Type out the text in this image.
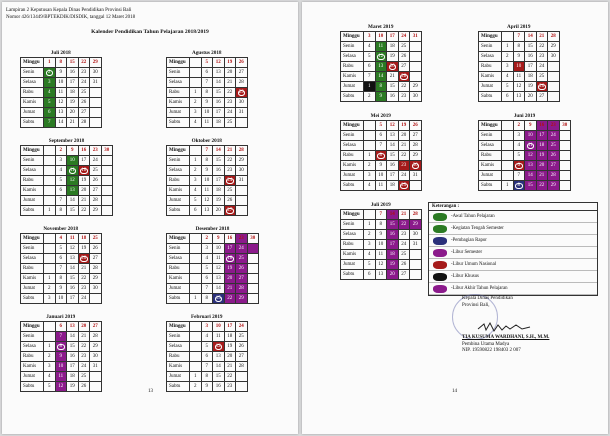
Lampiran 2 Keputusan Kepala Dinas Pendidikan Provinsi Bali
Nomor 426/13449/BPTEKDIK/DISDIK, tanggal 12 Maret 2018
Kalender Pendidikan Tahun Pelajaran 2018/2019
Juli 2018
Minggu	1	8	15	22	29
Senin	2	9	16	23	30
Selasa	3	10	17	24	31
Rabu	4	11	18	25
Kamis	5	12	19	26
Jumat	6	13	20	27
Sabtu	7	14	21	28
Agustus 2018
Minggu	5	12	19	26
Senin	6	13	20	27
Selasa	7	14	21	28
Rabu	1	8	15	22	29
Kamis	2	9	16	23	30
Jumat	3	10	17	24	31
Sabtu	4	11	18	25
September 2018
Minggu	2	9	16	23	30
Senin	3	10	17	24
Selasa	4	11	18	25
Rabu	5	12	19	26
Kamis	6	13	20	27
Jumat	7	14	21	28
Sabtu	1	8	15	22	29
Oktober 2018
Minggu	7	14	21	28
Senin	1	8	15	22	29
Selasa	2	9	16	23	30
Rabu	3	10	17	24	31
Kamis	4	11	18	25
Jumat	5	12	19	26
Sabtu	6	13	20	27
November 2018
Minggu	4	11	18	25
Senin	5	12	19	26
Selasa	6	13	20	27
Rabu	7	14	21	28
Kamis	1	8	15	22	29
Jumat	2	9	16	23	30
Sabtu	3	10	17	24
Desember 2018
Minggu	2	9	16	23	30
Senin	3	10	17	24
Selasa	4	11	18	25
Rabu	5	12	19	26
Kamis	6	13	20	27
Jumat	7	14	21	28
Sabtu	1	8	15	22	29
Januari 2019
Minggu	6	13	20	27
Senin	7	14	21	28
Selasa	1	8	15	22	29
Rabu	2	9	16	23	30
Kamis	3	10	17	24	31
Jumat	4	11	18	25
Sabtu	5	12	19	26
Februari 2019
Minggu	3	10	17	24
Senin	4	11	18	25
Selasa	5	12	19	26
Rabu	6	13	20	27
Kamis	7	14	21	28
Jumat	1	8	15	22
Sabtu	2	9	16	23
13
Maret 2019
Minggu	3	10	17	24	31
Senin	4	11	18	25
Selasa	5	12	19	26
Rabu	6	13	20	27
Kamis	7	14	21	28
Jumat	1	8	15	22	29
Sabtu	2	9	16	23	30
April 2019
Minggu	7	14	21	28
Senin	1	8	15	22	29
Selasa	2	9	16	23	30
Rabu	3	10	17	24
Kamis	4	11	18	25
Jumat	5	12	19	26
Sabtu	6	13	20	27
Mei 2019
Minggu	5	12	19	26
Senin	6	13	20	27
Selasa	7	14	21	28
Rabu	1	8	15	22	29
Kamis	2	9	16	23	30
Jumat	3	10	17	24	31
Sabtu	4	11	18	25
Juni 2019
Minggu	2	9	16	23	30
Senin	3	10	17	24
Selasa	4	11	18	25
Rabu	5	12	19	26
Kamis	6	13	20	27
Jumat	7	14	21	28
Sabtu	1	8	15	22	29
Juli 2019
Minggu	7	14	21	28
Senin	1	8	15	22	29
Selasa	2	9	16	23	30
Rabu	3	10	17	24	31
Kamis	4	11	18	25
Jumat	5	12	19	26
Sabtu	6	13	20	27
Keterangan :
- Awal Tahun Pelajaran
- Kegiatan Tengah Semester
- Pembagian Rapor
- Libur Semester
- Libur Umum Nasional
- Libur Khusus
- Libur Akhir Tahun Pelajaran
Kepala Dinas Pendidikan
Provinsi Bali,
TIA KUSUMA WARDHANI, S.H., M.M.
Pembina Utama Madya
NIP. 19590822 198403 2 007
14
